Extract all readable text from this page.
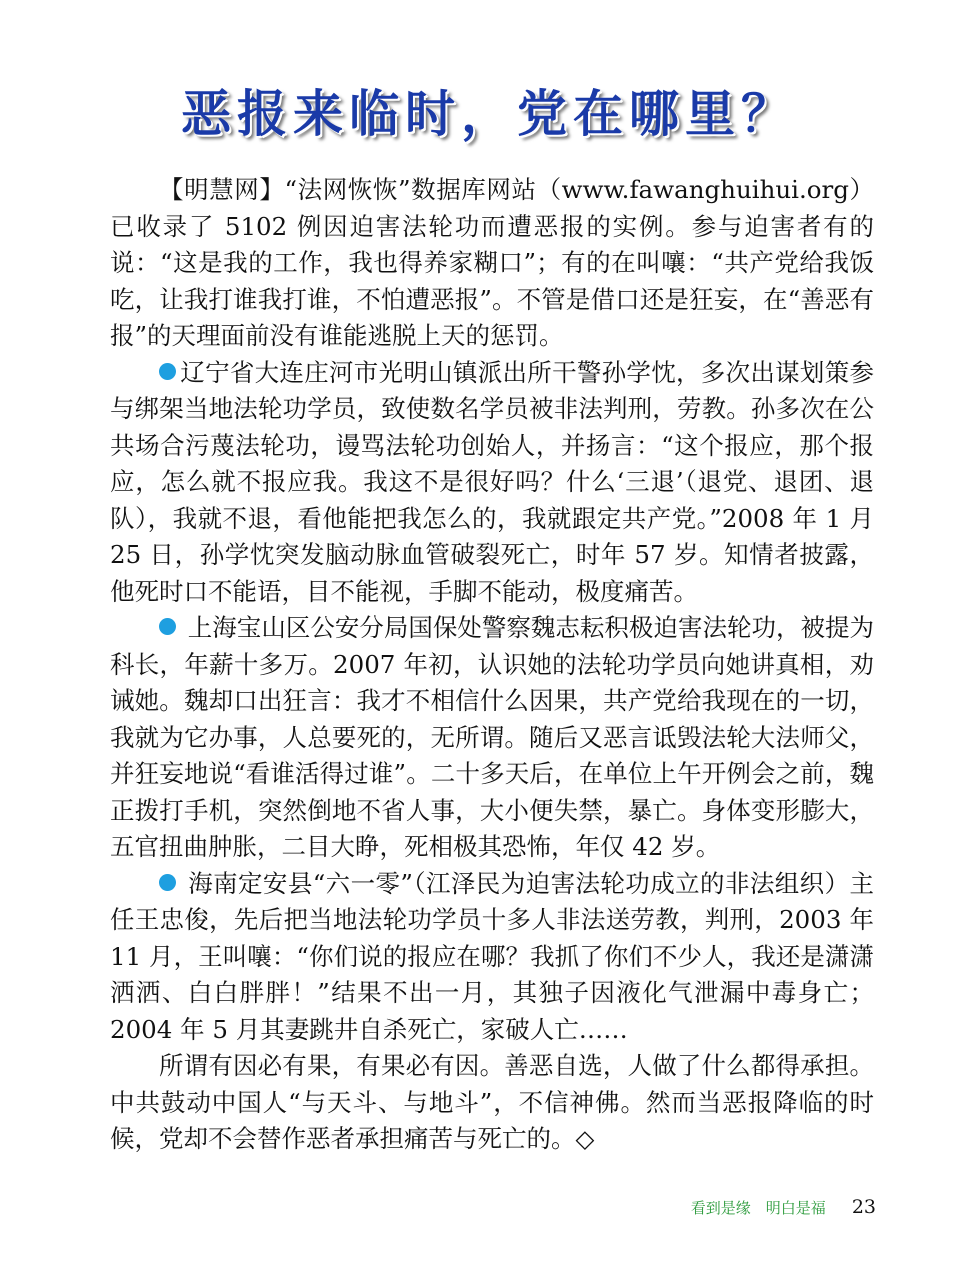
恶报来临时，党在哪里？

【明慧网】“法网恢恢”数据库网站（www.fawanghuihui.org）已收录了 5102 例因迫害法轮功而遭恶报的实例。参与迫害者有的说：“这是我的工作，我也得养家糊口”；有的在叫嚷：“共产党给我饭吃，让我打谁我打谁，不怕遭恶报”。不管是借口还是狂妄，在“善恶有报”的天理面前没有谁能逃脱上天的惩罚。

辽宁省大连庄河市光明山镇派出所干警孙学忱，多次出谋划策参与绑架当地法轮功学员，致使数名学员被非法判刑，劳教。孙多次在公共场合污蔑法轮功，谩骂法轮功创始人，并扬言：“这个报应，那个报应，怎么就不报应我。我这不是很好吗？什么‘三退’（退党、退团、退队），我就不退，看他能把我怎么的，我就跟定共产党。”2008 年 1 月 25 日，孙学忱突发脑动脉血管破裂死亡，时年 57 岁。知情者披露，他死时口不能语，目不能视，手脚不能动，极度痛苦。

上海宝山区公安分局国保处警察魏志耘积极迫害法轮功，被提为科长，年薪十多万。2007 年初，认识她的法轮功学员向她讲真相，劝诫她。魏却口出狂言：我才不相信什么因果，共产党给我现在的一切，我就为它办事，人总要死的，无所谓。随后又恶言诋毁法轮大法师父，并狂妄地说“看谁活得过谁”。二十多天后，在单位上午开例会之前，魏正拨打手机，突然倒地不省人事，大小便失禁，暴亡。身体变形膨大，五官扭曲肿胀，二目大睁，死相极其恐怖，年仅 42 岁。

海南定安县“六一零”（江泽民为迫害法轮功成立的非法组织）主任王忠俊，先后把当地法轮功学员十多人非法送劳教，判刑，2003 年 11 月，王叫嚷：“你们说的报应在哪？我抓了你们不少人，我还是潇潇洒洒、白白胖胖！”结果不出一月，其独子因液化气泄漏中毒身亡；2004 年 5 月其妻跳井自杀死亡，家破人亡……

所谓有因必有果，有果必有因。善恶自选，人做了什么都得承担。中共鼓动中国人“与天斗、与地斗”，不信神佛。然而当恶报降临的时候，党却不会替作恶者承担痛苦与死亡的。◇

看到是缘　明白是福 23
